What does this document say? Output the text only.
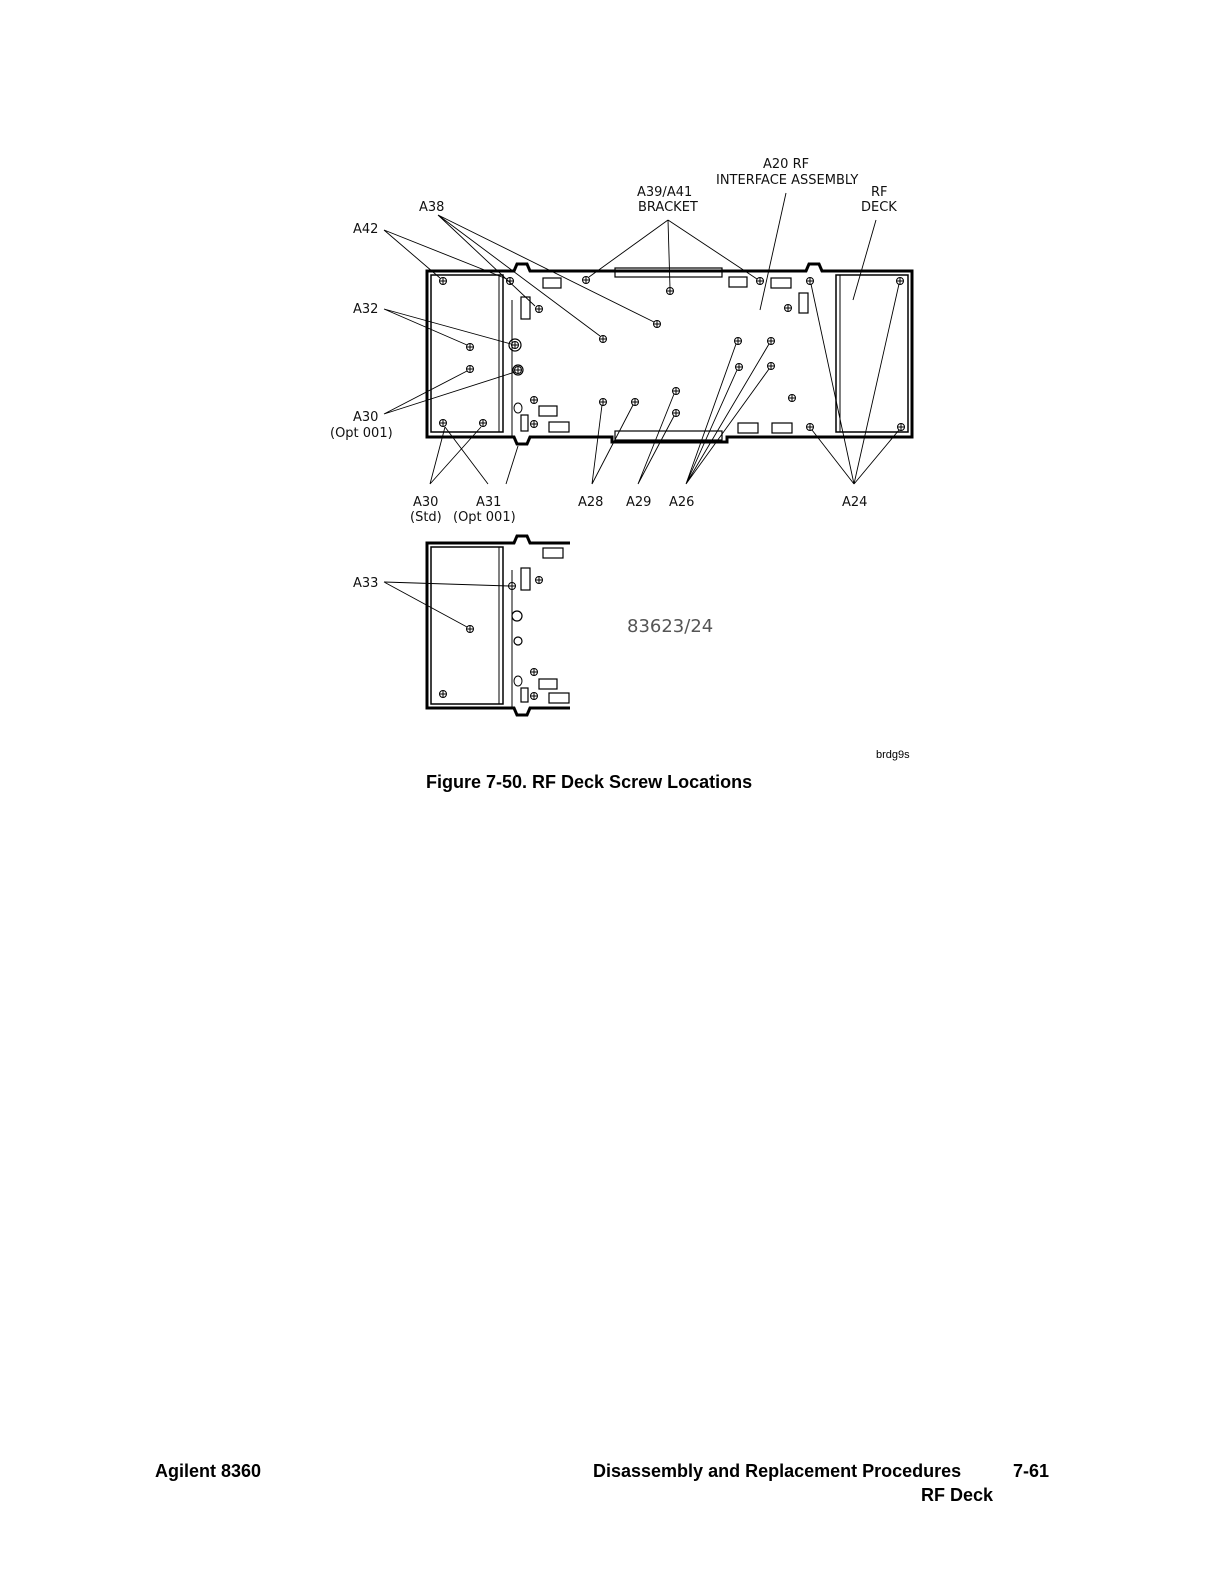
A20 RF
INTERFACE ASSEMBLY
A39/A41
BRACKET
RF
DECK
A38
A42
A32
A30
(Opt 001)
A30
(Std)
A31
(Opt 001)
A28 A29 A26	A24
A33
83623/24
brdg9s
Figure 7-50. RF Deck Screw Locations
Agilent 8360	Disassembly and Replacement Procedures	7-61
RF Deck
